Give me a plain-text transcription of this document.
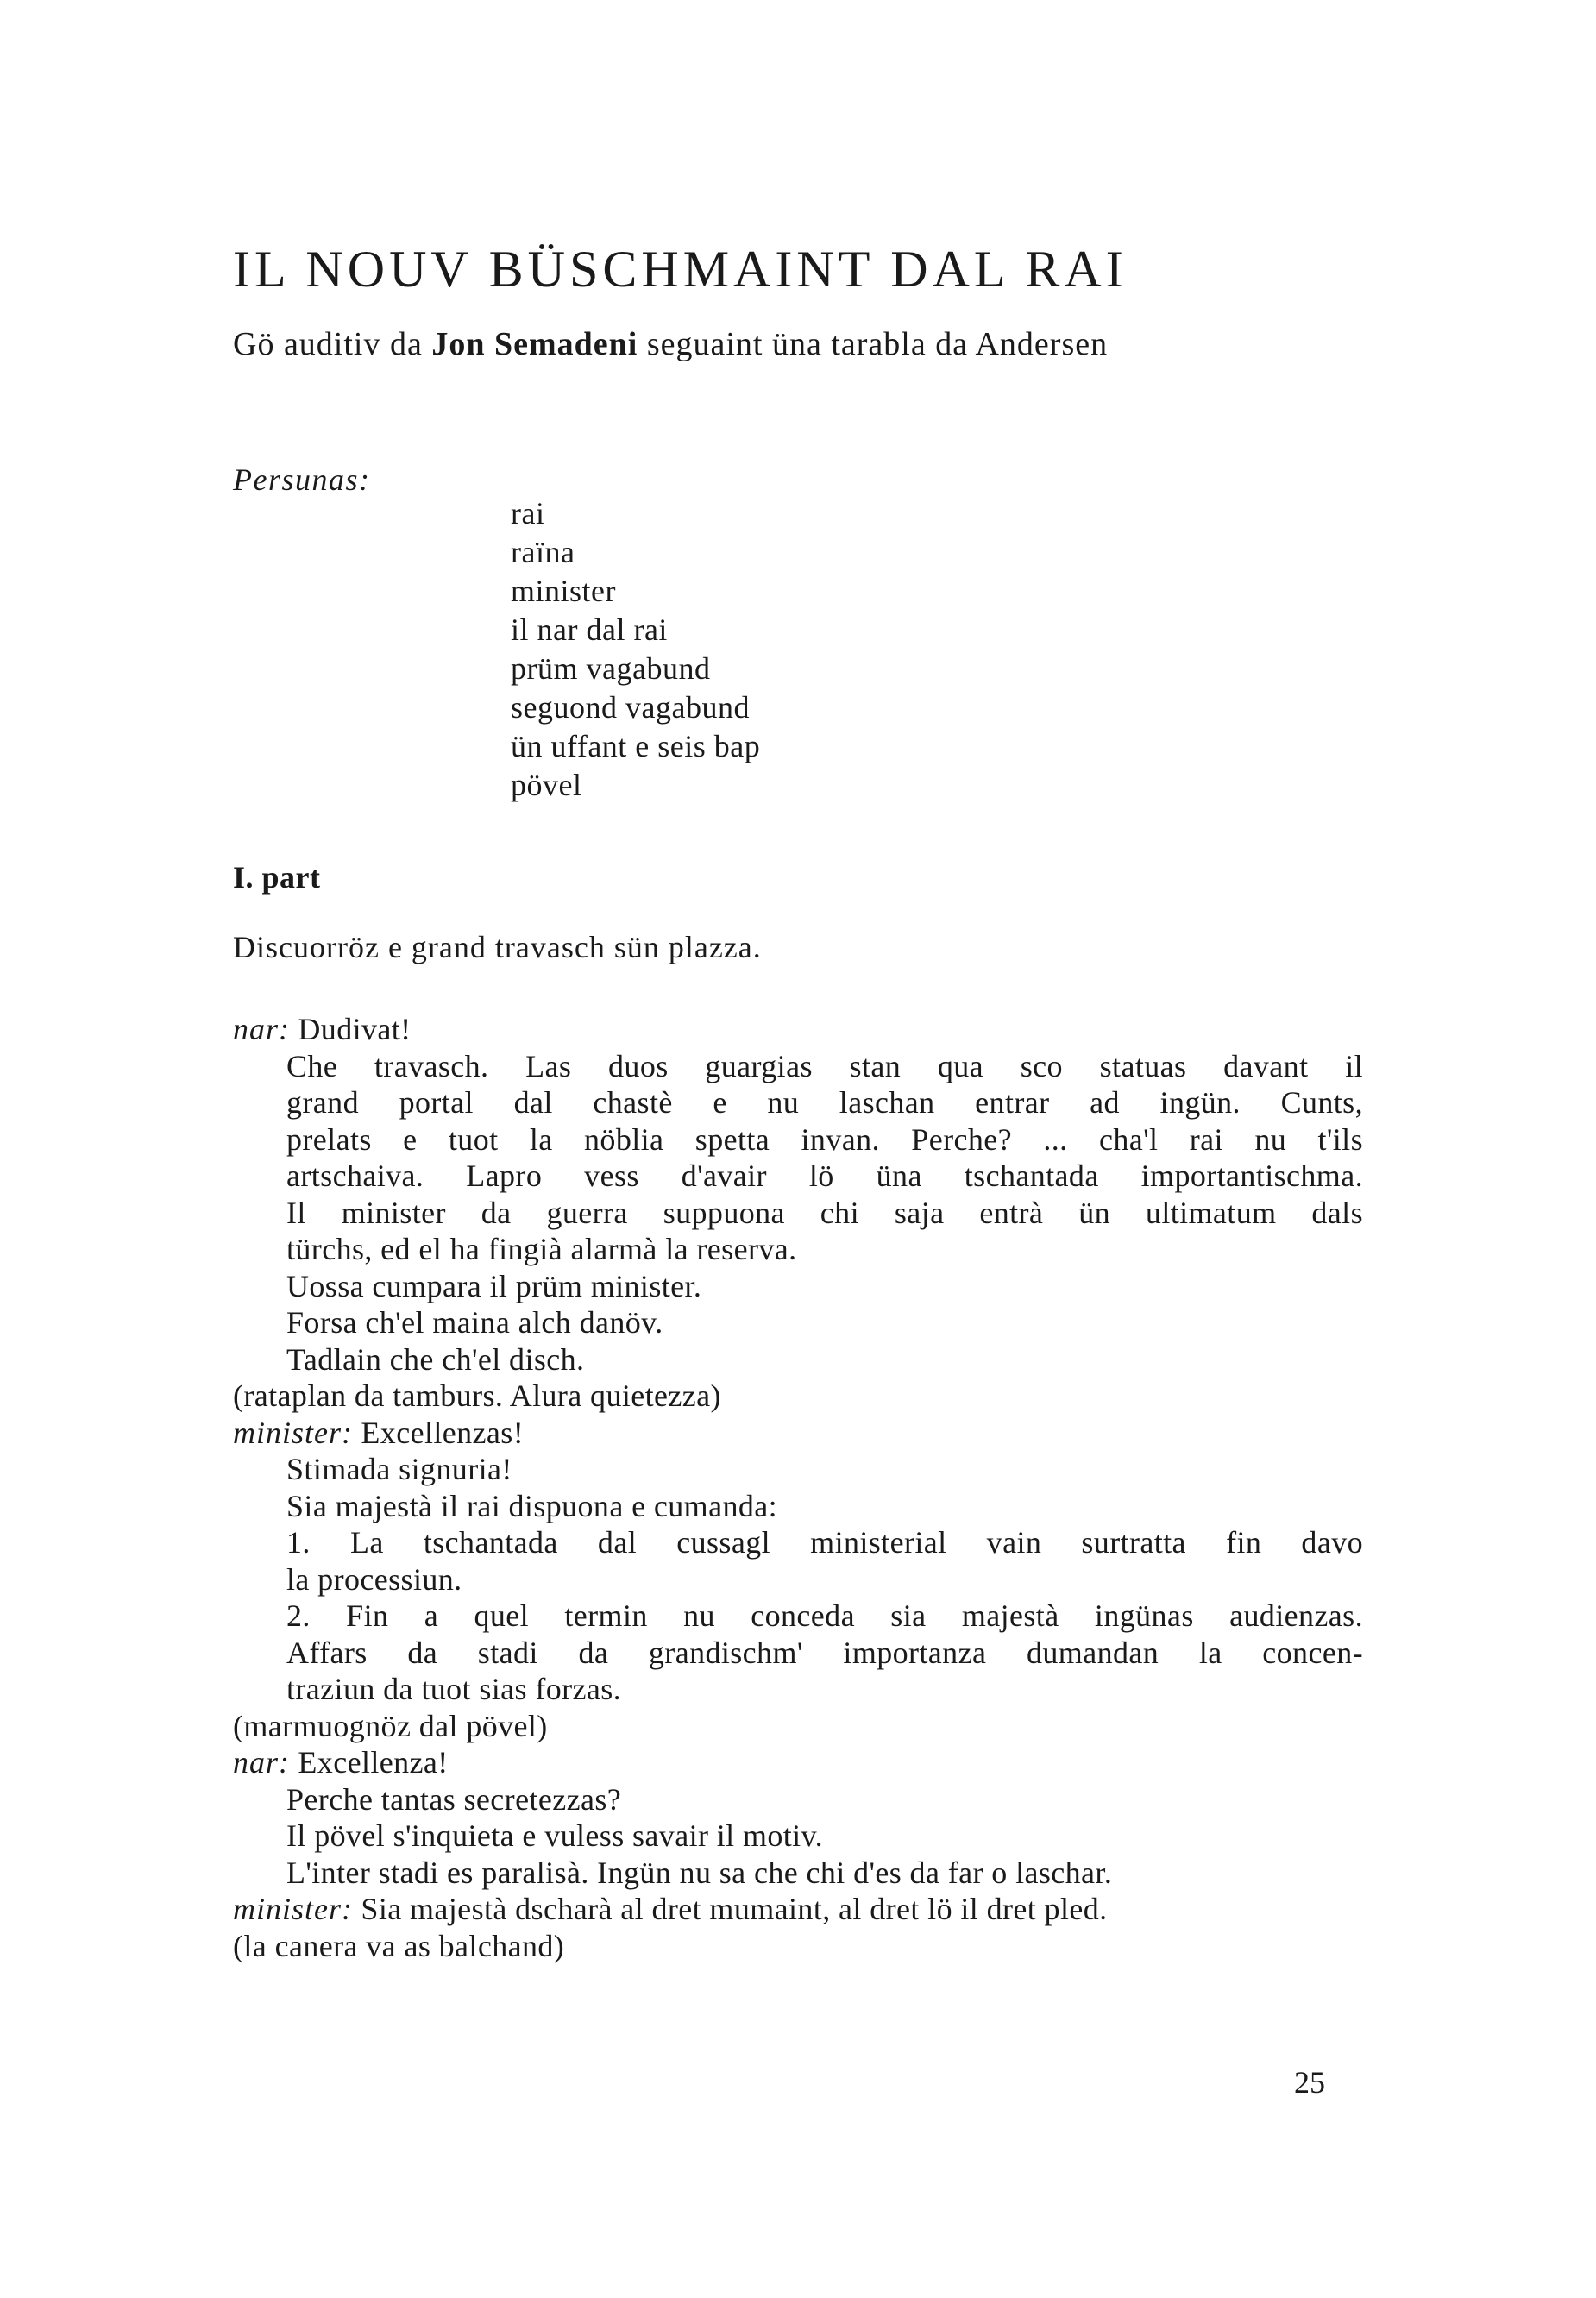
IL NOUV BÜSCHMAINT DAL RAI
Gö auditiv da Jon Semadeni seguaint üna tarabla da Andersen
Persunas:
rai
raïna
minister
il nar dal rai
prüm vagabund
seguond vagabund
ün uffant e seis bap
pövel
I. part
Discuorröz e grand travasch sün plazza.
nar: Dudivat!
Che travasch. Las duos guargias stan qua sco statuas davant il
grand portal dal chastè e nu laschan entrar ad ingün. Cunts,
prelats e tuot la nöblia spetta invan. Perche? ... cha'l rai nu t'ils
artschaiva. Lapro vess d'avair lö üna tschantada importantischma.
Il minister da guerra suppuona chi saja entrà ün ultimatum dals
türchs, ed el ha fingià alarmà la reserva.
Uossa cumpara il prüm minister.
Forsa ch'el maina alch danöv.
Tadlain che ch'el disch.
(rataplan da tamburs. Alura quietezza)
minister: Excellenzas!
Stimada signuria!
Sia majestà il rai dispuona e cumanda:
1. La tschantada dal cussagl ministerial vain surtratta fin davo
la processiun.
2. Fin a quel termin nu conceda sia majestà ingünas audienzas.
Affars da stadi da grandischm' importanza dumandan la concen-
traziun da tuot sias forzas.
(marmuognöz dal pövel)
nar: Excellenza!
Perche tantas secretezzas?
Il pövel s'inquieta e vuless savair il motiv.
L'inter stadi es paralisà. Ingün nu sa che chi d'es da far o laschar.
minister: Sia majestà dscharà al dret mumaint, al dret lö il dret pled.
(la canera va as balchand)
25
